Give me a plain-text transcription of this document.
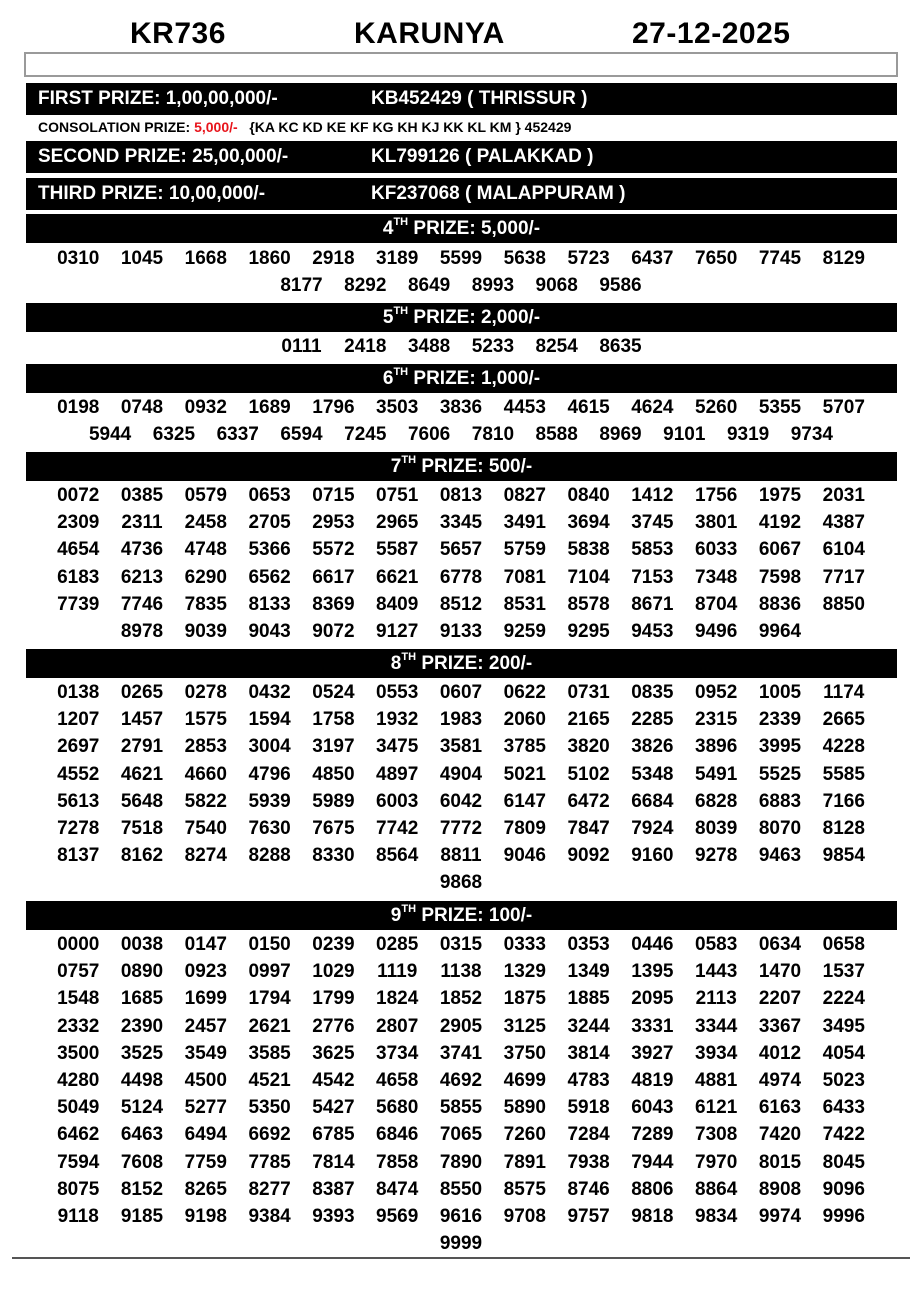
KR736	KARUNYA	27-12-2025
FIRST PRIZE: 1,00,00,000/-	KB452429 ( THRISSUR )
CONSOLATION PRIZE: 5,000/-   {KA KC KD KE KF KG KH KJ KK KL KM } 452429
SECOND PRIZE: 25,00,000/-	KL799126 ( PALAKKAD )
THIRD PRIZE: 10,00,000/-	KF237068 ( MALAPPURAM )
4TH PRIZE: 5,000/-
0310	1045	1668	1860	2918	3189	5599	5638	5723	6437	7650	7745	8129
8177	8292	8649	8993	9068	9586
5TH PRIZE: 2,000/-
0111	2418	3488	5233	8254	8635
6TH PRIZE: 1,000/-
0198	0748	0932	1689	1796	3503	3836	4453	4615	4624	5260	5355	5707
5944	6325	6337	6594	7245	7606	7810	8588	8969	9101	9319	9734
7TH PRIZE: 500/-
0072	0385	0579	0653	0715	0751	0813	0827	0840	1412	1756	1975	2031
2309	2311	2458	2705	2953	2965	3345	3491	3694	3745	3801	4192	4387
4654	4736	4748	5366	5572	5587	5657	5759	5838	5853	6033	6067	6104
6183	6213	6290	6562	6617	6621	6778	7081	7104	7153	7348	7598	7717
7739	7746	7835	8133	8369	8409	8512	8531	8578	8671	8704	8836	8850
8978	9039	9043	9072	9127	9133	9259	9295	9453	9496	9964
8TH PRIZE: 200/-
0138	0265	0278	0432	0524	0553	0607	0622	0731	0835	0952	1005	1174
1207	1457	1575	1594	1758	1932	1983	2060	2165	2285	2315	2339	2665
2697	2791	2853	3004	3197	3475	3581	3785	3820	3826	3896	3995	4228
4552	4621	4660	4796	4850	4897	4904	5021	5102	5348	5491	5525	5585
5613	5648	5822	5939	5989	6003	6042	6147	6472	6684	6828	6883	7166
7278	7518	7540	7630	7675	7742	7772	7809	7847	7924	8039	8070	8128
8137	8162	8274	8288	8330	8564	8811	9046	9092	9160	9278	9463	9854
9868
9TH PRIZE: 100/-
0000	0038	0147	0150	0239	0285	0315	0333	0353	0446	0583	0634	0658
0757	0890	0923	0997	1029	1119	1138	1329	1349	1395	1443	1470	1537
1548	1685	1699	1794	1799	1824	1852	1875	1885	2095	2113	2207	2224
2332	2390	2457	2621	2776	2807	2905	3125	3244	3331	3344	3367	3495
3500	3525	3549	3585	3625	3734	3741	3750	3814	3927	3934	4012	4054
4280	4498	4500	4521	4542	4658	4692	4699	4783	4819	4881	4974	5023
5049	5124	5277	5350	5427	5680	5855	5890	5918	6043	6121	6163	6433
6462	6463	6494	6692	6785	6846	7065	7260	7284	7289	7308	7420	7422
7594	7608	7759	7785	7814	7858	7890	7891	7938	7944	7970	8015	8045
8075	8152	8265	8277	8387	8474	8550	8575	8746	8806	8864	8908	9096
9118	9185	9198	9384	9393	9569	9616	9708	9757	9818	9834	9974	9996
9999
